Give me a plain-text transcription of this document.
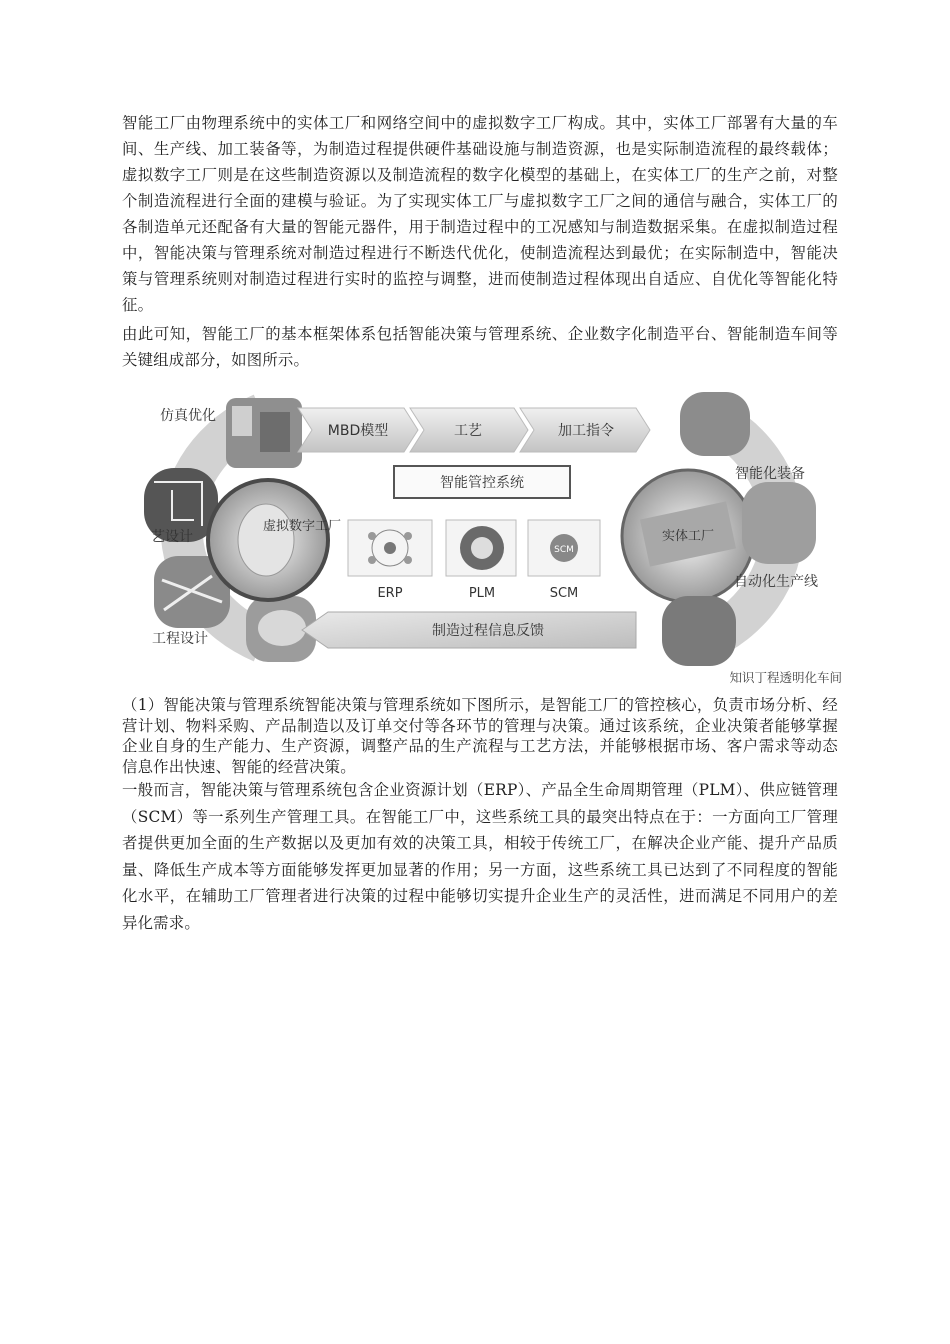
智能工厂由物理系统中的实体工厂和网络空间中的虚拟数字工厂构成。其中，实体工厂部署有大量的车间、生产线、加工装备等，为制造过程提供硬件基础设施与制造资源，也是实际制造流程的最终载体；虚拟数字工厂则是在这些制造资源以及制造流程的数字化模型的基础上，在实体工厂的生产之前，对整个制造流程进行全面的建模与验证。为了实现实体工厂与虚拟数字工厂之间的通信与融合，实体工厂的各制造单元还配备有大量的智能元器件，用于制造过程中的工况感知与制造数据采集。在虚拟制造过程中，智能决策与管理系统对制造过程进行不断迭代优化，使制造流程达到最优；在实际制造中，智能决策与管理系统则对制造过程进行实时的监控与调整，进而使制造过程体现出自适应、自优化等智能化特征。

由此可知，智能工厂的基本框架体系包括智能决策与管理系统、企业数字化制造平台、智能制造车间等关键组成部分，如图所示。

虚拟数字工厂
仿真优化
艺设计
工程设计
MBD模型	工艺	加工指令
智能管控系统
SCM
ERP	PLM	SCM
制造过程信息反馈
实体工厂
智能化装备
自动化生产线
知识丁程透明化车间

（1）智能决策与管理系统智能决策与管理系统如下图所示，是智能工厂的管控核心，负责市场分析、经营计划、物料采购、产品制造以及订单交付等各环节的管理与决策。通过该系统，企业决策者能够掌握企业自身的生产能力、生产资源，调整产品的生产流程与工艺方法，并能够根据市场、客户需求等动态信息作出快速、智能的经营决策。

一般而言，智能决策与管理系统包含企业资源计划（ERP）、产品全生命周期管理（PLM）、供应链管理（SCM）等一系列生产管理工具。在智能工厂中，这些系统工具的最突出特点在于：一方面向工厂管理者提供更加全面的生产数据以及更加有效的决策工具，相较于传统工厂，在解决企业产能、提升产品质量、降低生产成本等方面能够发挥更加显著的作用；另一方面，这些系统工具已达到了不同程度的智能化水平，在辅助工厂管理者进行决策的过程中能够切实提升企业生产的灵活性，进而满足不同用户的差异化需求。
